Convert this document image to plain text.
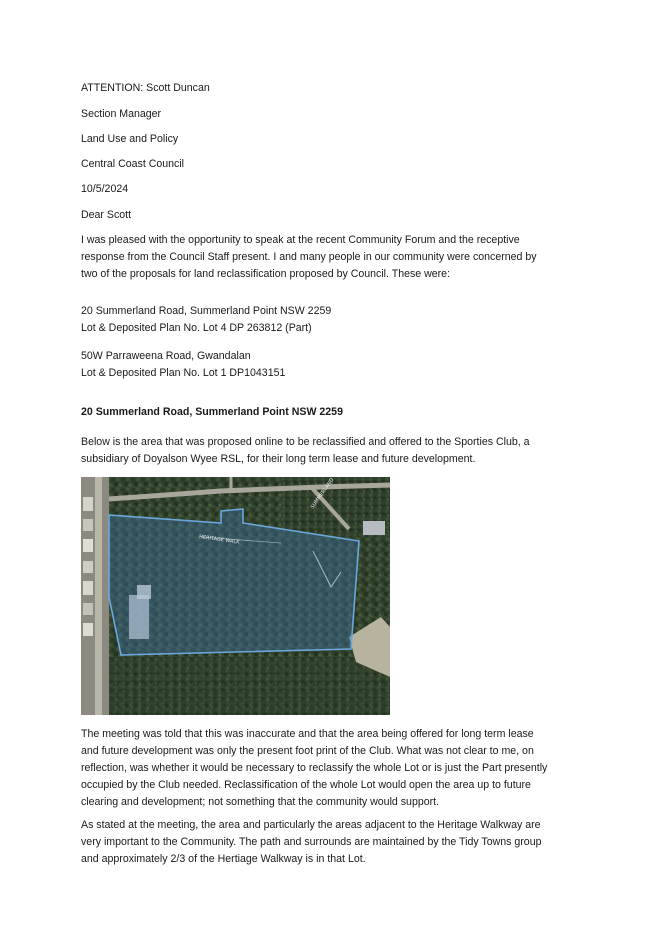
ATTENTION: Scott Duncan
Section Manager
Land Use and Policy
Central Coast Council
10/5/2024
Dear Scott
I was pleased with the opportunity to speak at the recent Community Forum and the receptive
response from the Council Staff present. I and many people in our community were concerned by
two of the proposals for land reclassification proposed by Council. These were:
20 Summerland Road, Summerland Point NSW 2259
Lot & Deposited Plan No. Lot 4 DP 263812 (Part)
50W Parraweena Road, Gwandalan
Lot & Deposited Plan No. Lot 1 DP1043151
20 Summerland Road, Summerland Point NSW 2259
Below is the area that was proposed online to be reclassified and offered to the Sporties Club, a
subsidiary of Doyalson Wyee RSL, for their long term lease and future development.
HERITAGE WALK
SUMMERLAND
The meeting was told that this was inaccurate and that the area being offered for long term lease
and future development was only the present foot print of the Club. What was not clear to me, on
reflection, was whether it would be necessary to reclassify the whole Lot or is just the Part presently
occupied by the Club needed. Reclassification of the whole Lot would open the area up to future
clearing and development; not something that the community would support.
As stated at the meeting, the area and particularly the areas adjacent to the Heritage Walkway are
very important to the Community. The path and surrounds are maintained by the Tidy Towns group
and approximately 2/3 of the Hertiage Walkway is in that Lot.
